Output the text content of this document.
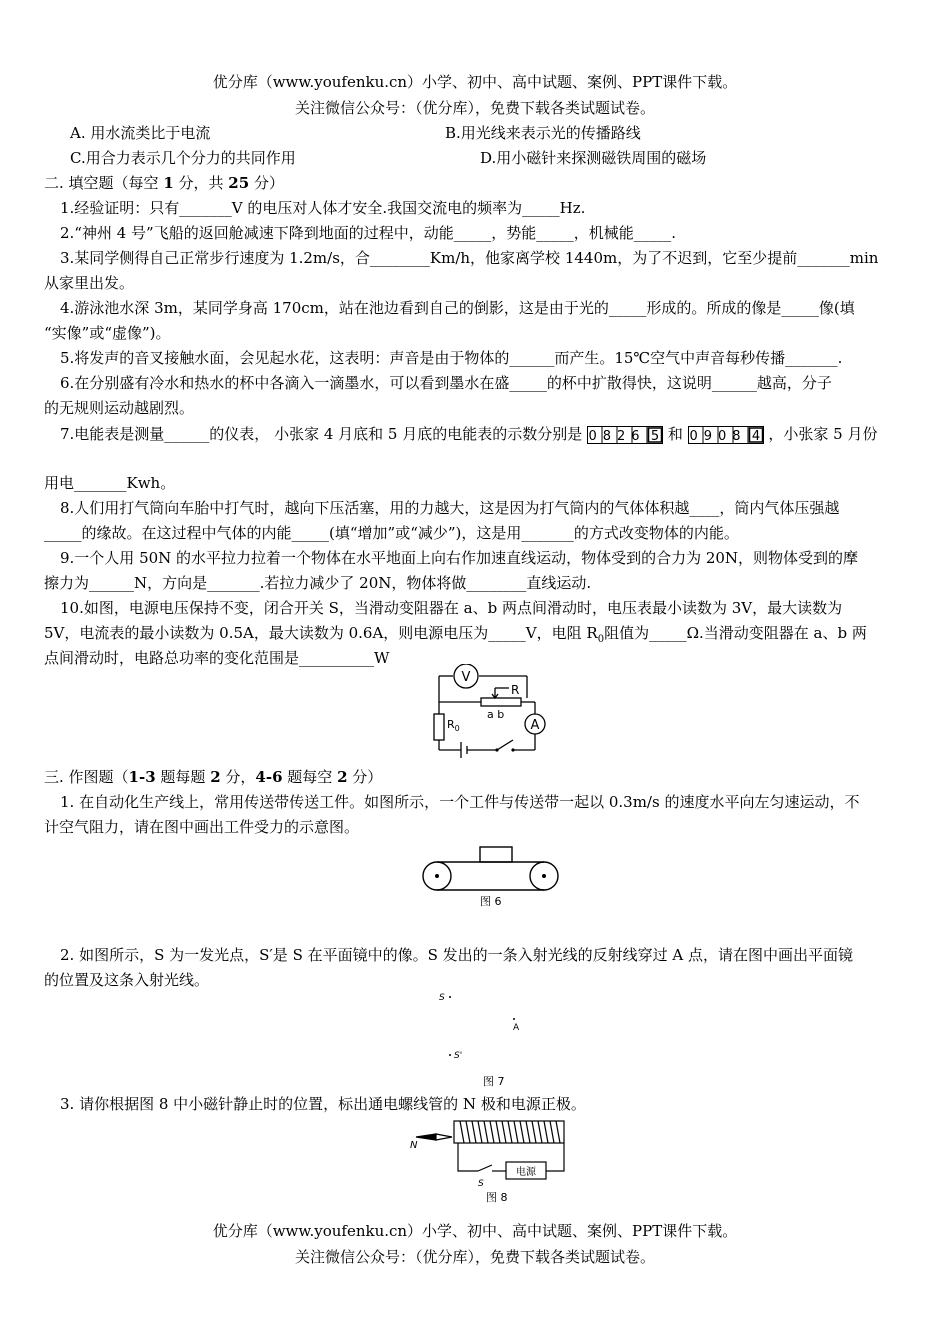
优分库（www.youfenku.cn）小学、初中、高中试题、案例、PPT课件下载。
关注微信公众号：（优分库），免费下载各类试题试卷。
A. 用水流类比于电流	B.用光线来表示光的传播路线
C.用合力表示几个分力的共同作用	D.用小磁针来探测磁铁周围的磁场
二. 填空题（每空 1 分，共 25 分）
1.经验证明：只有_______V 的电压对人体才安全.我国交流电的频率为_____Hz.
2.“神州 4 号”飞船的返回舱减速下降到地面的过程中，动能_____，势能_____，机械能_____.
3.某同学侧得自己正常步行速度为 1.2m/s，合________Km/h，他家离学校 1440m，为了不迟到，它至少提前_______min
从家里出发。
4.游泳池水深 3m，某同学身高 170cm，站在池边看到自己的倒影，这是由于光的_____形成的。所成的像是_____像(填
“实像”或“虚像”)。
5.将发声的音叉接触水面，会见起水花，这表明：声音是由于物体的______而产生。15℃空气中声音每秒传播_______.
6.在分别盛有冷水和热水的杯中各滴入一滴墨水，可以看到墨水在盛_____的杯中扩散得快，这说明______越高，分子
的无规则运动越剧烈。
7.电能表是测量______的仪表， 小张家 4 月底和 5 月底的电能表的示数分别是 0826 5 和 0908 4 ，小张家 5 月份
用电_______Kwh。
8.人们用打气筒向车胎中打气时，越向下压活塞，用的力越大，这是因为打气筒内的气体体积越____，筒内气体压强越
_____的缘故。在这过程中气体的内能_____(填“增加”或“减少”)，这是用_______的方式改变物体的内能。
9.一个人用 50N 的水平拉力拉着一个物体在水平地面上向右作加速直线运动，物体受到的合力为 20N，则物体受到的摩
擦力为______N，方向是_______.若拉力减少了 20N，物体将做________直线运动.
10.如图，电源电压保持不变，闭合开关 S，当滑动变阻器在 a、b 两点间滑动时，电压表最小读数为 3V，最大读数为
5V，电流表的最小读数为 0.5A，最大读数为 0.6A，则电源电压为_____V，电阻 $R_0$阻值为_____Ω.当滑动变阻器在 a、b 两
点间滑动时，电路总功率的变化范围是__________W
V
A
R
a b
$R_0$
三. 作图题（1-3 题每题 2 分，4-6 题每空 2 分）
1. 在自动化生产线上，常用传送带传送工件。如图所示，一个工件与传送带一起以 0.3m/s 的速度水平向左匀速运动，不
计空气阻力，请在图中画出工件受力的示意图。
图 6
2. 如图所示，S 为一发光点，S′是 S 在平面镜中的像。S 发出的一条入射光线的反射线穿过 A 点，请在图中画出平面镜
的位置及这条入射光线。
S
A
S'
图 7
3. 请你根据图 8 中小磁针静止时的位置，标出通电螺线管的 N 极和电源正极。
N
电源
S
图 8
优分库（www.youfenku.cn）小学、初中、高中试题、案例、PPT课件下载。
关注微信公众号：（优分库），免费下载各类试题试卷。
